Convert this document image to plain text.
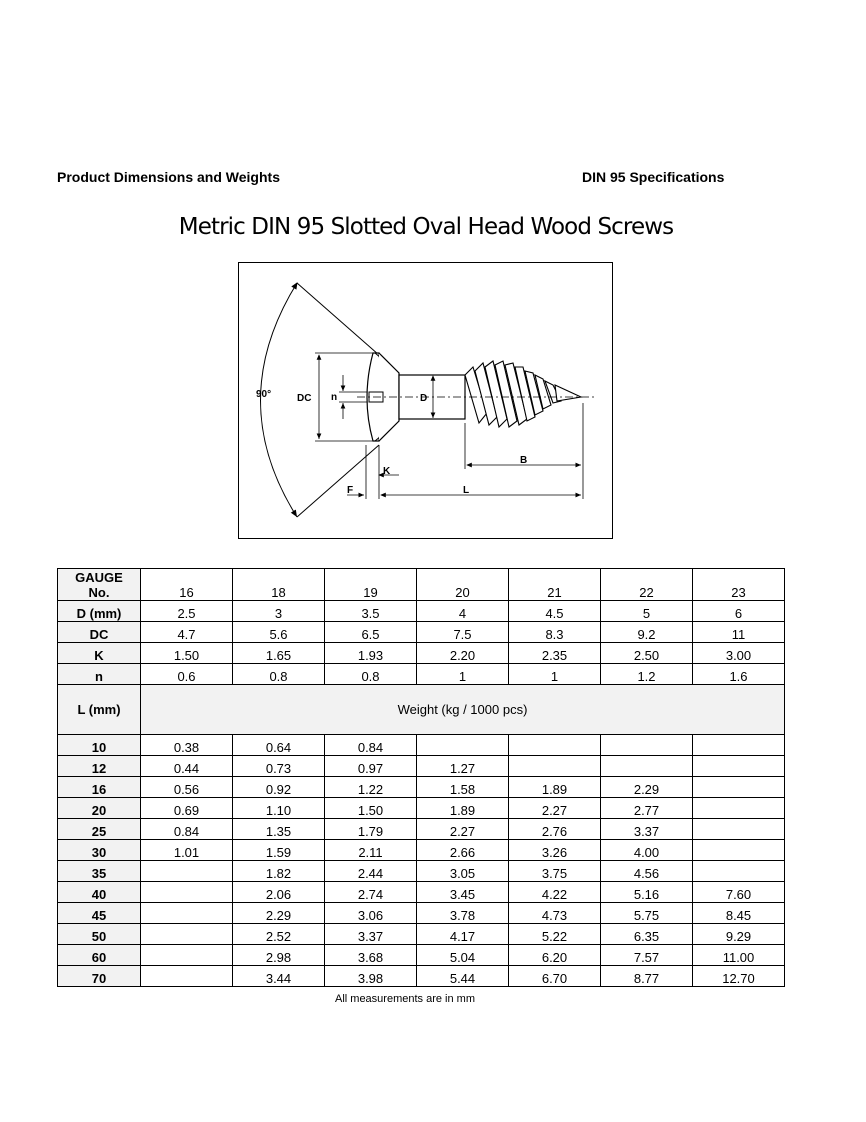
Product Dimensions and Weights	DIN 95 Specifications
Metric DIN 95 Slotted Oval Head Wood Screws
90°	DC n	D
K
B
F	L
GAUGE
No.	16	18	19	20	21	22	23
D (mm)	2.5	3	3.5	4	4.5	5	6
DC	4.7	5.6	6.5	7.5	8.3	9.2	11
K	1.50	1.65	1.93	2.20	2.35	2.50	3.00
n	0.6	0.8	0.8	1	1	1.2	1.6
L (mm)	Weight (kg / 1000 pcs)						
10	0.38	0.64	0.84				
12	0.44	0.73	0.97	1.27			
16	0.56	0.92	1.22	1.58	1.89	2.29	
20	0.69	1.10	1.50	1.89	2.27	2.77	
25	0.84	1.35	1.79	2.27	2.76	3.37	
30	1.01	1.59	2.11	2.66	3.26	4.00	
35		1.82	2.44	3.05	3.75	4.56	
40		2.06	2.74	3.45	4.22	5.16	7.60
45		2.29	3.06	3.78	4.73	5.75	8.45
50		2.52	3.37	4.17	5.22	6.35	9.29
60		2.98	3.68	5.04	6.20	7.57	11.00
70		3.44	3.98	5.44	6.70	8.77	12.70
All measurements are in mm
